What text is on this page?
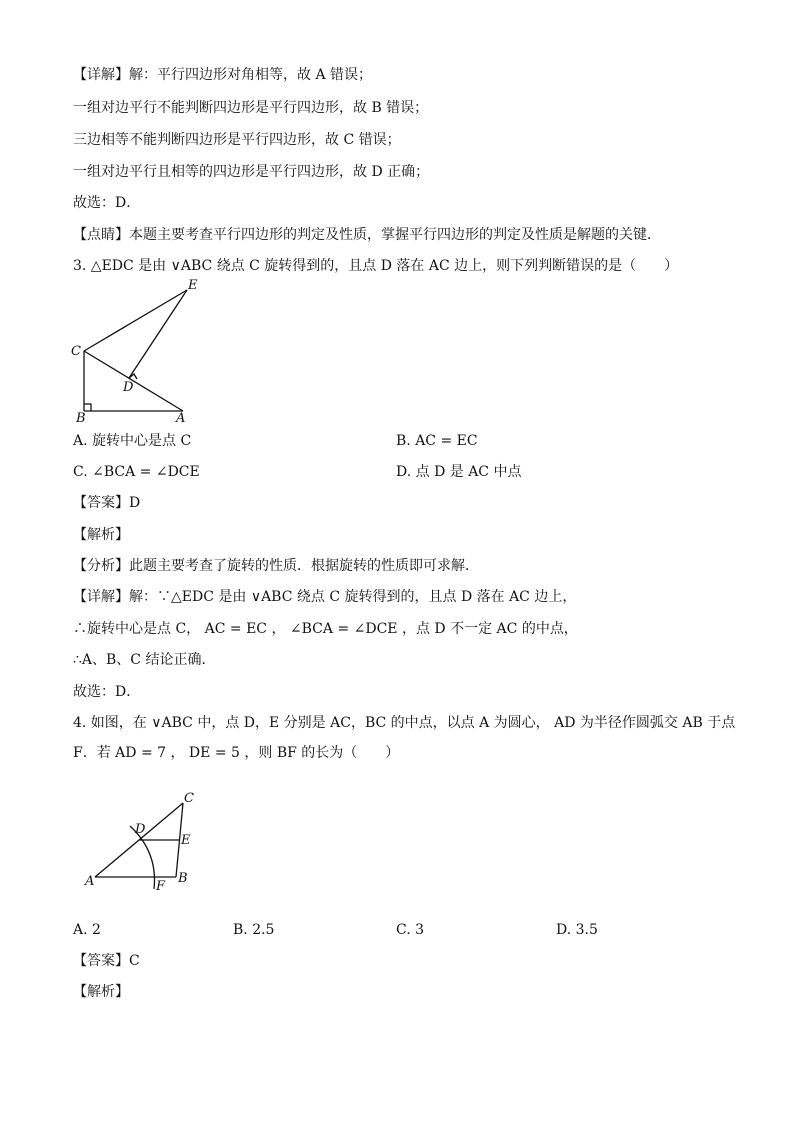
【详解】解：平行四边形对角相等，故 A 错误；
一组对边平行不能判断四边形是平行四边形，故 B 错误；
三边相等不能判断四边形是平行四边形，故 C 错误；
一组对边平行且相等的四边形是平行四边形，故 D 正确；
故选：D．
【点睛】本题主要考查平行四边形的判定及性质，掌握平行四边形的判定及性质是解题的关键．
3. △EDC 是由 ∨ABC 绕点 C 旋转得到的，且点 D 落在 AC 边上，则下列判断错误的是（　　）
E
C
D
B	A
A. 旋转中心是点 C	B. AC = EC
C. ∠BCA = ∠DCE	D. 点 D 是 AC 中点
【答案】D
【解析】
【分析】此题主要考查了旋转的性质．根据旋转的性质即可求解．
【详解】解：∵△EDC 是由 ∨ABC 绕点 C 旋转得到的，且点 D 落在 AC 边上，
∴旋转中心是点 C， AC = EC ， ∠BCA = ∠DCE ，点 D 不一定 AC 的中点，
∴A、B、C 结论正确．
故选：D．
4. 如图，在 ∨ABC 中，点 D，E 分别是 AC，BC 的中点，以点 A 为圆心， AD 为半径作圆弧交 AB 于点
F．若 AD = 7 ， DE = 5 ，则 BF 的长为（　　）
C
D
E
A	B
F
A. 2	B. 2.5	C. 3	D. 3.5
【答案】C
【解析】
